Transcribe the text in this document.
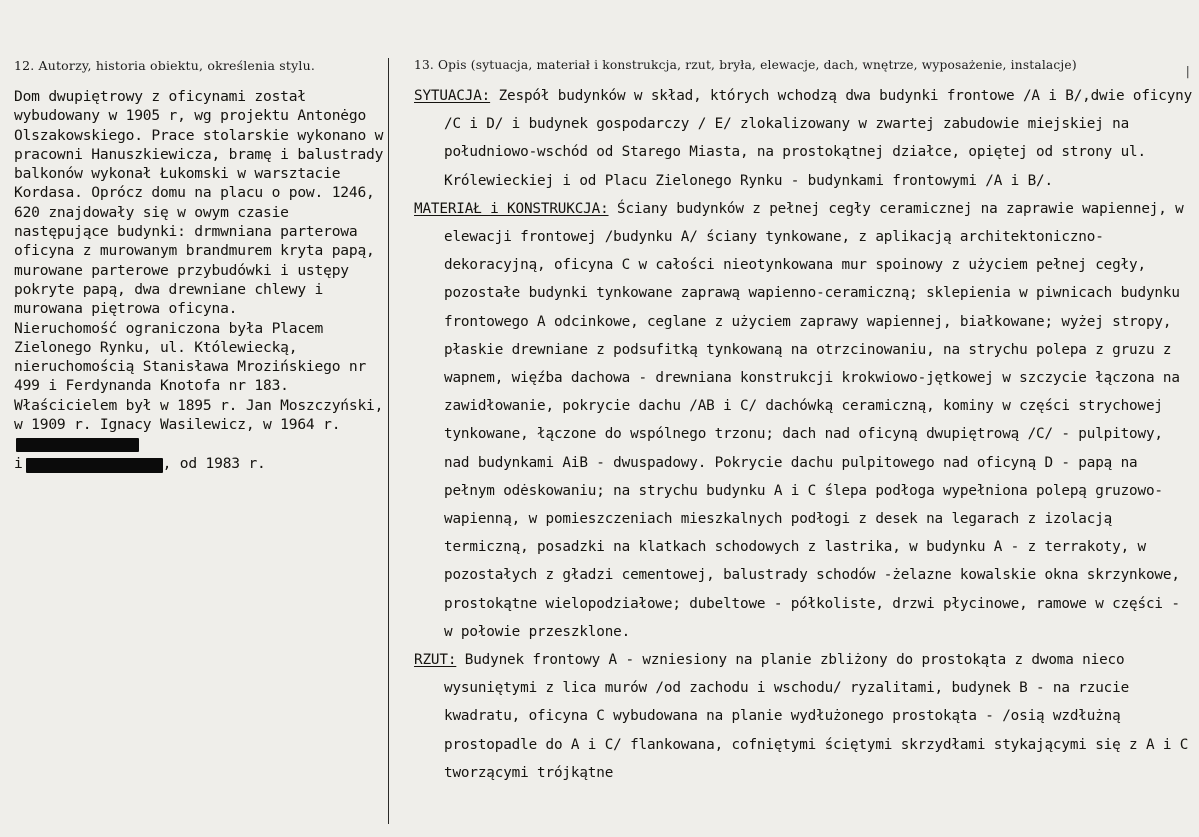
12. Autorzy, historia obiektu, określenia stylu.
Dom dwupiętrowy z oficynami został wybudowany w 1905 r, wg projektu Antonėgo Olszakowskiego. Prace stolarskie wykonano w pracowni Hanuszkiewicza, bramę i balustrady balkonów wykonał Łukomski w warsztacie Kordasa. Oprócz domu na placu o pow. 1246, 620 znajdowały się w owym czasie następujące budynki: drmwniana parterowa oficyna z murowanym brandmurem kryta papą, murowane parterowe przybudówki i ustępy pokryte papą, dwa drewniane chlewy i murowana piętrowa oficyna.
Nieruchomość ograniczona była Placem Zielonego Rynku, ul. Któlewiecką, nieruchomością Stanisława Mrozińskiego nr 499 i Ferdynanda Knotofa nr 183. Właścicielem był w 1895 r. Jan Moszczyński, w 1909 r. Ignacy Wasilewicz, w 1964 r.
i	, od 1983 r.
13. Opis (sytuacja, materiał i konstrukcja, rzut, bryła, elewacje, dach, wnętrze, wyposażenie, instalacje)	|

SYTUACJA: Zespół budynków w skład, których wchodzą dwa budynki frontowe /A i B/,dwie oficyny /C i D/ i budynek gospodarczy / E/ zlokalizowany w zwartej zabudowie miejskiej na południowo-wschód od Starego Miasta, na prostokątnej działce, opiętej od strony ul. Królewieckiej i od Placu Zielonego Rynku - budynkami frontowymi /A i B/.

MATERIAŁ i KONSTRUKCJA: Ściany budynków z pełnej cegły ceramicznej na zaprawie wapiennej, w elewacji frontowej /budynku A/ ściany tynkowane, z aplikacją architektoniczno-dekoracyjną, oficyna C w całości nieotynkowana mur spoinowy z użyciem pełnej cegły, pozostałe budynki tynkowane zaprawą wapienno-ceramiczną; sklepienia w piwnicach budynku frontowego A odcinkowe, ceglane z użyciem zaprawy wapiennej, białkowane; wyżej stropy, płaskie drewniane z podsufitką tynkowaną na otrzcinowaniu, na strychu polepa z gruzu z wapnem, więźba dachowa - drewniana konstrukcji krokwiowo-jętkowej w szczycie łączona na zawidłowanie, pokrycie dachu /AB i C/ dachówką ceramiczną, kominy w części strychowej tynkowane, łączone do wspólnego trzonu; dach nad oficyną dwupiętrową /C/ - pulpitowy, nad budynkami AiB - dwuspadowy. Pokrycie dachu pulpitowego nad oficyną D - papą na pełnym odėskowaniu; na strychu budynku A i C ślepa podłoga wypełniona polepą gruzowo-wapienną, w pomieszczeniach mieszkalnych podłogi z desek na legarach z izolacją termiczną, posadzki na klatkach schodowych z lastrika, w budynku A - z terrakoty, w pozostałych z gładzi cementowej, balustrady schodów -żelazne kowalskie okna skrzynkowe, prostokątne wielopodziałowe; dubeltowe - półkoliste, drzwi płycinowe, ramowe w części - w połowie przeszklone.

RZUT: Budynek frontowy A - wzniesiony na planie zbliżony do prostokąta z dwoma nieco wysuniętymi z lica murów /od zachodu i wschodu/ ryzalitami, budynek B - na rzucie kwadratu, oficyna C wybudowana na planie wydłużonego prostokąta - /osią wzdłużną prostopadle do A i C/ flankowana, cofniętymi ściętymi skrzydłami stykającymi się z A i C tworzącymi trójkątne
